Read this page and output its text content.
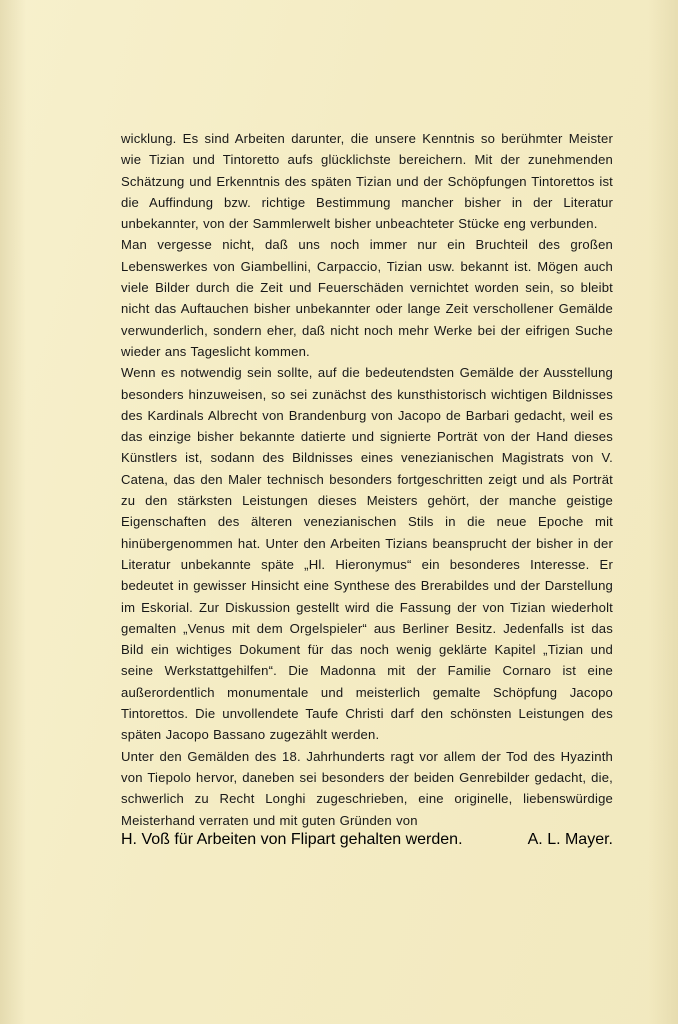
wicklung. Es sind Arbeiten darunter, die unsere Kenntnis so berühmter Meister wie Tizian und Tintoretto aufs glücklichste bereichern. Mit der zunehmenden Schätzung und Erkenntnis des späten Tizian und der Schöpfungen Tintorettos ist die Auffindung bzw. richtige Bestimmung mancher bisher in der Literatur unbekannter, von der Sammlerwelt bisher unbeachteter Stücke eng verbunden.

Man vergesse nicht, daß uns noch immer nur ein Bruchteil des großen Lebenswerkes von Giambellini, Carpaccio, Tizian usw. bekannt ist. Mögen auch viele Bilder durch die Zeit und Feuerschäden vernichtet worden sein, so bleibt nicht das Auftauchen bisher unbekannter oder lange Zeit verschollener Gemälde verwunderlich, sondern eher, daß nicht noch mehr Werke bei der eifrigen Suche wieder ans Tageslicht kommen.

Wenn es notwendig sein sollte, auf die bedeutendsten Gemälde der Ausstellung besonders hinzuweisen, so sei zunächst des kunsthistorisch wichtigen Bildnisses des Kardinals Albrecht von Brandenburg von Jacopo de Barbari gedacht, weil es das einzige bisher bekannte datierte und signierte Porträt von der Hand dieses Künstlers ist, sodann des Bildnisses eines venezianischen Magistrats von V. Catena, das den Maler technisch besonders fortgeschritten zeigt und als Porträt zu den stärksten Leistungen dieses Meisters gehört, der manche geistige Eigenschaften des älteren venezianischen Stils in die neue Epoche mit hinübergenommen hat. Unter den Arbeiten Tizians beansprucht der bisher in der Literatur unbekannte späte „Hl. Hieronymus“ ein besonderes Interesse. Er bedeutet in gewisser Hinsicht eine Synthese des Brerabildes und der Darstellung im Eskorial. Zur Diskussion gestellt wird die Fassung der von Tizian wiederholt gemalten „Venus mit dem Orgelspieler“ aus Berliner Besitz. Jedenfalls ist das Bild ein wichtiges Dokument für das noch wenig geklärte Kapitel „Tizian und seine Werkstattgehilfen“. Die Madonna mit der Familie Cornaro ist eine außerordentlich monumentale und meisterlich gemalte Schöpfung Jacopo Tintorettos. Die unvollendete Taufe Christi darf den schönsten Leistungen des späten Jacopo Bassano zugezählt werden.

Unter den Gemälden des 18. Jahrhunderts ragt vor allem der Tod des Hyazinth von Tiepolo hervor, daneben sei besonders der beiden Genrebilder gedacht, die, schwerlich zu Recht Longhi zugeschrieben, eine originelle, liebenswürdige Meisterhand verraten und mit guten Gründen von

H. Voß für Arbeiten von Flipart gehalten werden.	A. L. Mayer.
